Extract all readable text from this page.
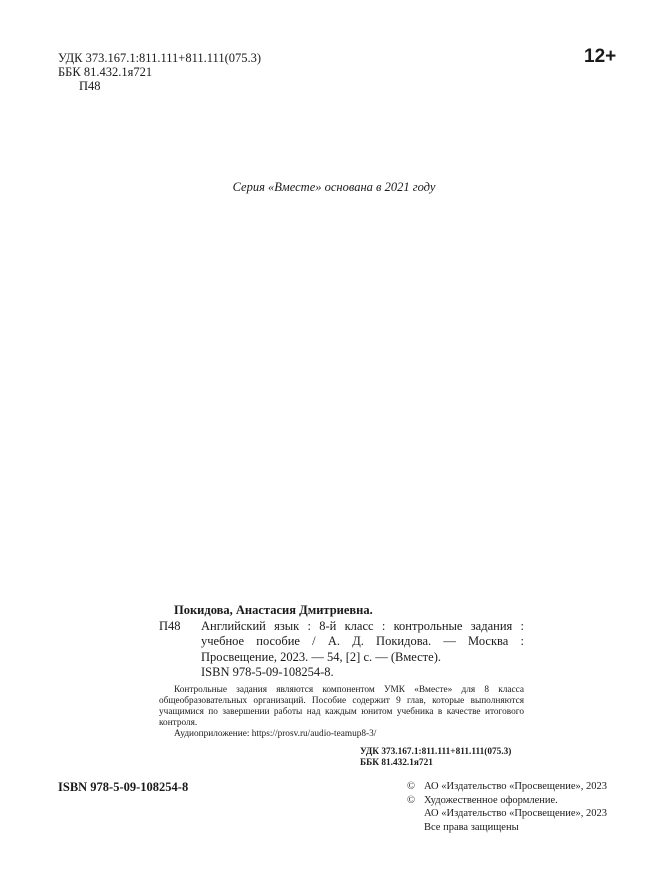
УДК 373.167.1:811.111+811.111(075.3)
ББК 81.432.1я721
П48
12+
Серия «Вместе» основана в 2021 году
Покидова, Анастасия Дмитриевна.
П48 Английский язык : 8-й класс : контрольные задания : учебное пособие / А. Д. Покидова. — Москва : Просвещение, 2023. — 54, [2] с. — (Вместе).
ISBN 978-5-09-108254-8.
Контрольные задания являются компонентом УМК «Вместе» для 8 класса общеобразовательных организаций. Пособие содержит 9 глав, которые выполняются учащимися по завершении работы над каждым юнитом учебника в качестве итогового контроля.
Аудиоприложение: https://prosv.ru/audio-teamup8-3/
УДК 373.167.1:811.111+811.111(075.3)
ББК 81.432.1я721
ISBN 978-5-09-108254-8	© АО «Издательство «Просвещение», 2023
© Художественное оформление.
АО «Издательство «Просвещение», 2023
Все права защищены
